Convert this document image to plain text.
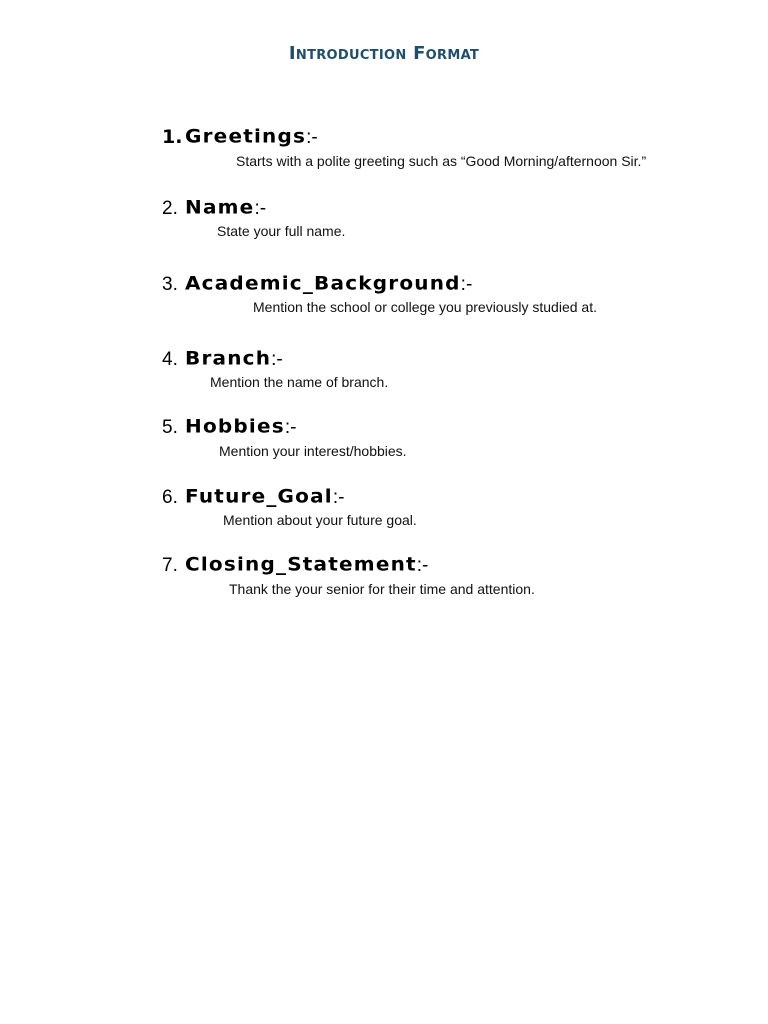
Introduction Format
1. Greetings :-
Starts with a polite greeting such as “Good Morning/afternoon Sir.”
2. Name :-
State your full name.
3. Academic_Background :-
Mention the school or college you previously studied at.
4. Branch :-
Mention the name of branch.
5. Hobbies :-
Mention your interest/hobbies.
6. Future_Goal :-
Mention about your future goal.
7. Closing_Statement :-
Thank the your senior for their time and attention.
